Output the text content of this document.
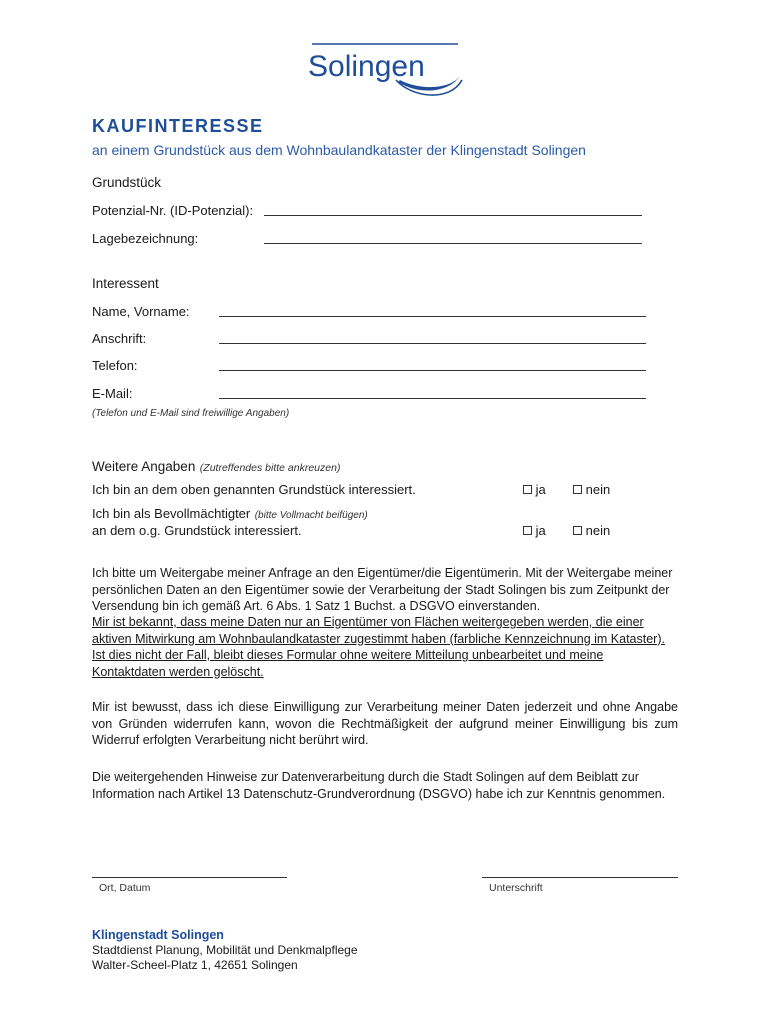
Solingen
KAUFINTERESSE
an einem Grundstück aus dem Wohnbaulandkataster der Klingenstadt Solingen
Grundstück
Potenzial-Nr. (ID-Potenzial):
Lagebezeichnung:
Interessent
Name, Vorname:
Anschrift:
Telefon:
E-Mail:
(Telefon und E-Mail sind freiwillige Angaben)
Weitere Angaben (Zutreffendes bitte ankreuzen)
Ich bin an dem oben genannten Grundstück interessiert.	ja	nein
Ich bin als Bevollmächtigter (bitte Vollmacht beifügen)
an dem o.g. Grundstück interessiert.	ja	nein
Ich bitte um Weitergabe meiner Anfrage an den Eigentümer/die Eigentümerin. Mit der Weitergabe meiner persönlichen Daten an den Eigentümer sowie der Verarbeitung der Stadt Solingen bis zum Zeitpunkt der Versendung bin ich gemäß Art. 6 Abs. 1 Satz 1 Buchst. a DSGVO einverstanden.
Mir ist bekannt, dass meine Daten nur an Eigentümer von Flächen weitergegeben werden, die einer aktiven Mitwirkung am Wohnbaulandkataster zugestimmt haben (farbliche Kennzeichnung im Kataster). Ist dies nicht der Fall, bleibt dieses Formular ohne weitere Mitteilung unbearbeitet und meine Kontaktdaten werden gelöscht.
Mir ist bewusst, dass ich diese Einwilligung zur Verarbeitung meiner Daten jederzeit und ohne Angabe von Gründen widerrufen kann, wovon die Rechtmäßigkeit der aufgrund meiner Einwilligung bis zum Widerruf erfolgten Verarbeitung nicht berührt wird.
Die weitergehenden Hinweise zur Datenverarbeitung durch die Stadt Solingen auf dem Beiblatt zur Information nach Artikel 13 Datenschutz-Grundverordnung (DSGVO) habe ich zur Kenntnis genommen.
Ort, Datum	Unterschrift
Klingenstadt Solingen
Stadtdienst Planung, Mobilität und Denkmalpflege
Walter-Scheel-Platz 1, 42651 Solingen
